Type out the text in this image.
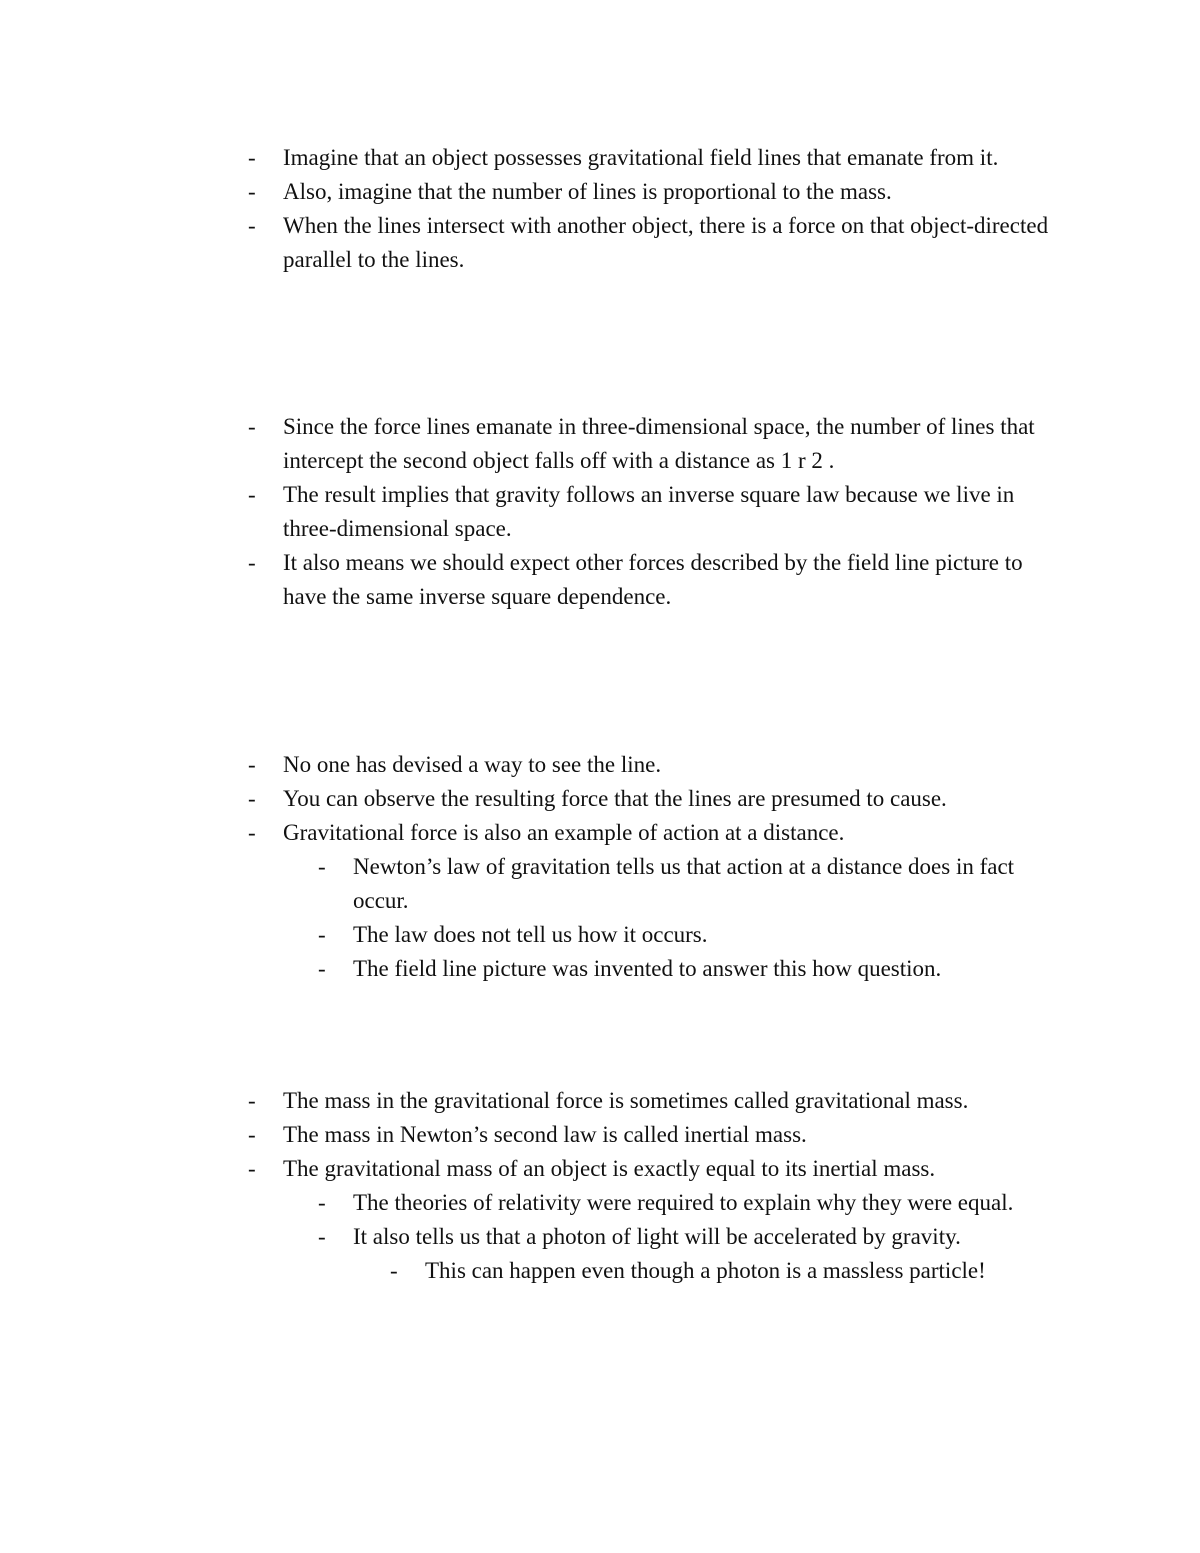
- Imagine that an object possesses gravitational field lines that emanate from it.
- Also, imagine that the number of lines is proportional to the mass.
- When the lines intersect with another object, there is a force on that object-directed parallel to the lines.
- Since the force lines emanate in three-dimensional space, the number of lines that intercept the second object falls off with a distance as 1 r 2 .
- The result implies that gravity follows an inverse square law because we live in three-dimensional space.
- It also means we should expect other forces described by the field line picture to have the same inverse square dependence.
- No one has devised a way to see the line.
- You can observe the resulting force that the lines are presumed to cause.
- Gravitational force is also an example of action at a distance.
- Newton’s law of gravitation tells us that action at a distance does in fact occur.
- The law does not tell us how it occurs.
- The field line picture was invented to answer this how question.
- The mass in the gravitational force is sometimes called gravitational mass.
- The mass in Newton’s second law is called inertial mass.
- The gravitational mass of an object is exactly equal to its inertial mass.
- The theories of relativity were required to explain why they were equal.
- It also tells us that a photon of light will be accelerated by gravity.
- This can happen even though a photon is a massless particle!
